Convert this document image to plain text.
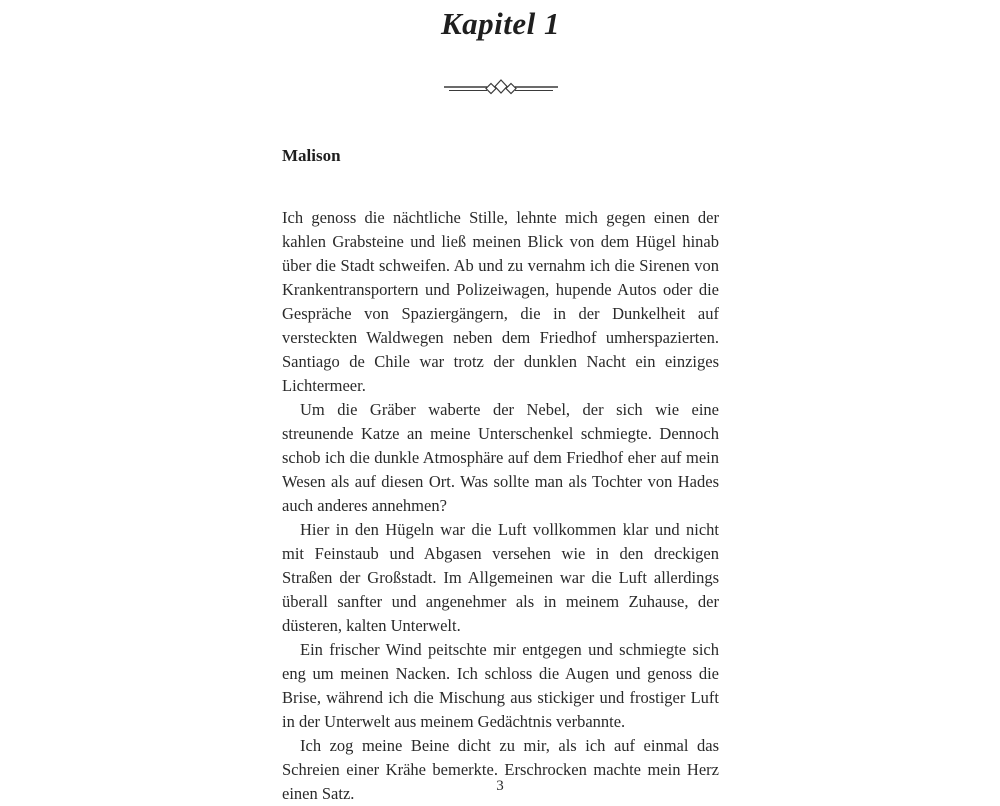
Kapitel 1
Malison

Ich genoss die nächtliche Stille, lehnte mich gegen einen der kahlen Grabsteine und ließ meinen Blick von dem Hügel hinab über die Stadt schweifen. Ab und zu vernahm ich die Sirenen von Krankentransportern und Polizeiwagen, hupende Autos oder die Gespräche von Spaziergängern, die in der Dunkelheit auf versteckten Waldwegen neben dem Friedhof umherspazierten. Santiago de Chile war trotz der dunklen Nacht ein einziges Lichtermeer.

Um die Gräber waberte der Nebel, der sich wie eine streunende Katze an meine Unterschenkel schmiegte. Dennoch schob ich die dunkle Atmosphäre auf dem Friedhof eher auf mein Wesen als auf diesen Ort. Was sollte man als Tochter von Hades auch anderes annehmen?

Hier in den Hügeln war die Luft vollkommen klar und nicht mit Feinstaub und Abgasen versehen wie in den dreckigen Straßen der Großstadt. Im Allgemeinen war die Luft allerdings überall sanfter und angenehmer als in meinem Zuhause, der düsteren, kalten Unterwelt.

Ein frischer Wind peitschte mir entgegen und schmiegte sich eng um meinen Nacken. Ich schloss die Augen und genoss die Brise, während ich die Mischung aus stickiger und frostiger Luft in der Unterwelt aus meinem Gedächtnis verbannte.

Ich zog meine Beine dicht zu mir, als ich auf einmal das Schreien einer Krähe bemerkte. Erschrocken machte mein Herz einen Satz.	3
